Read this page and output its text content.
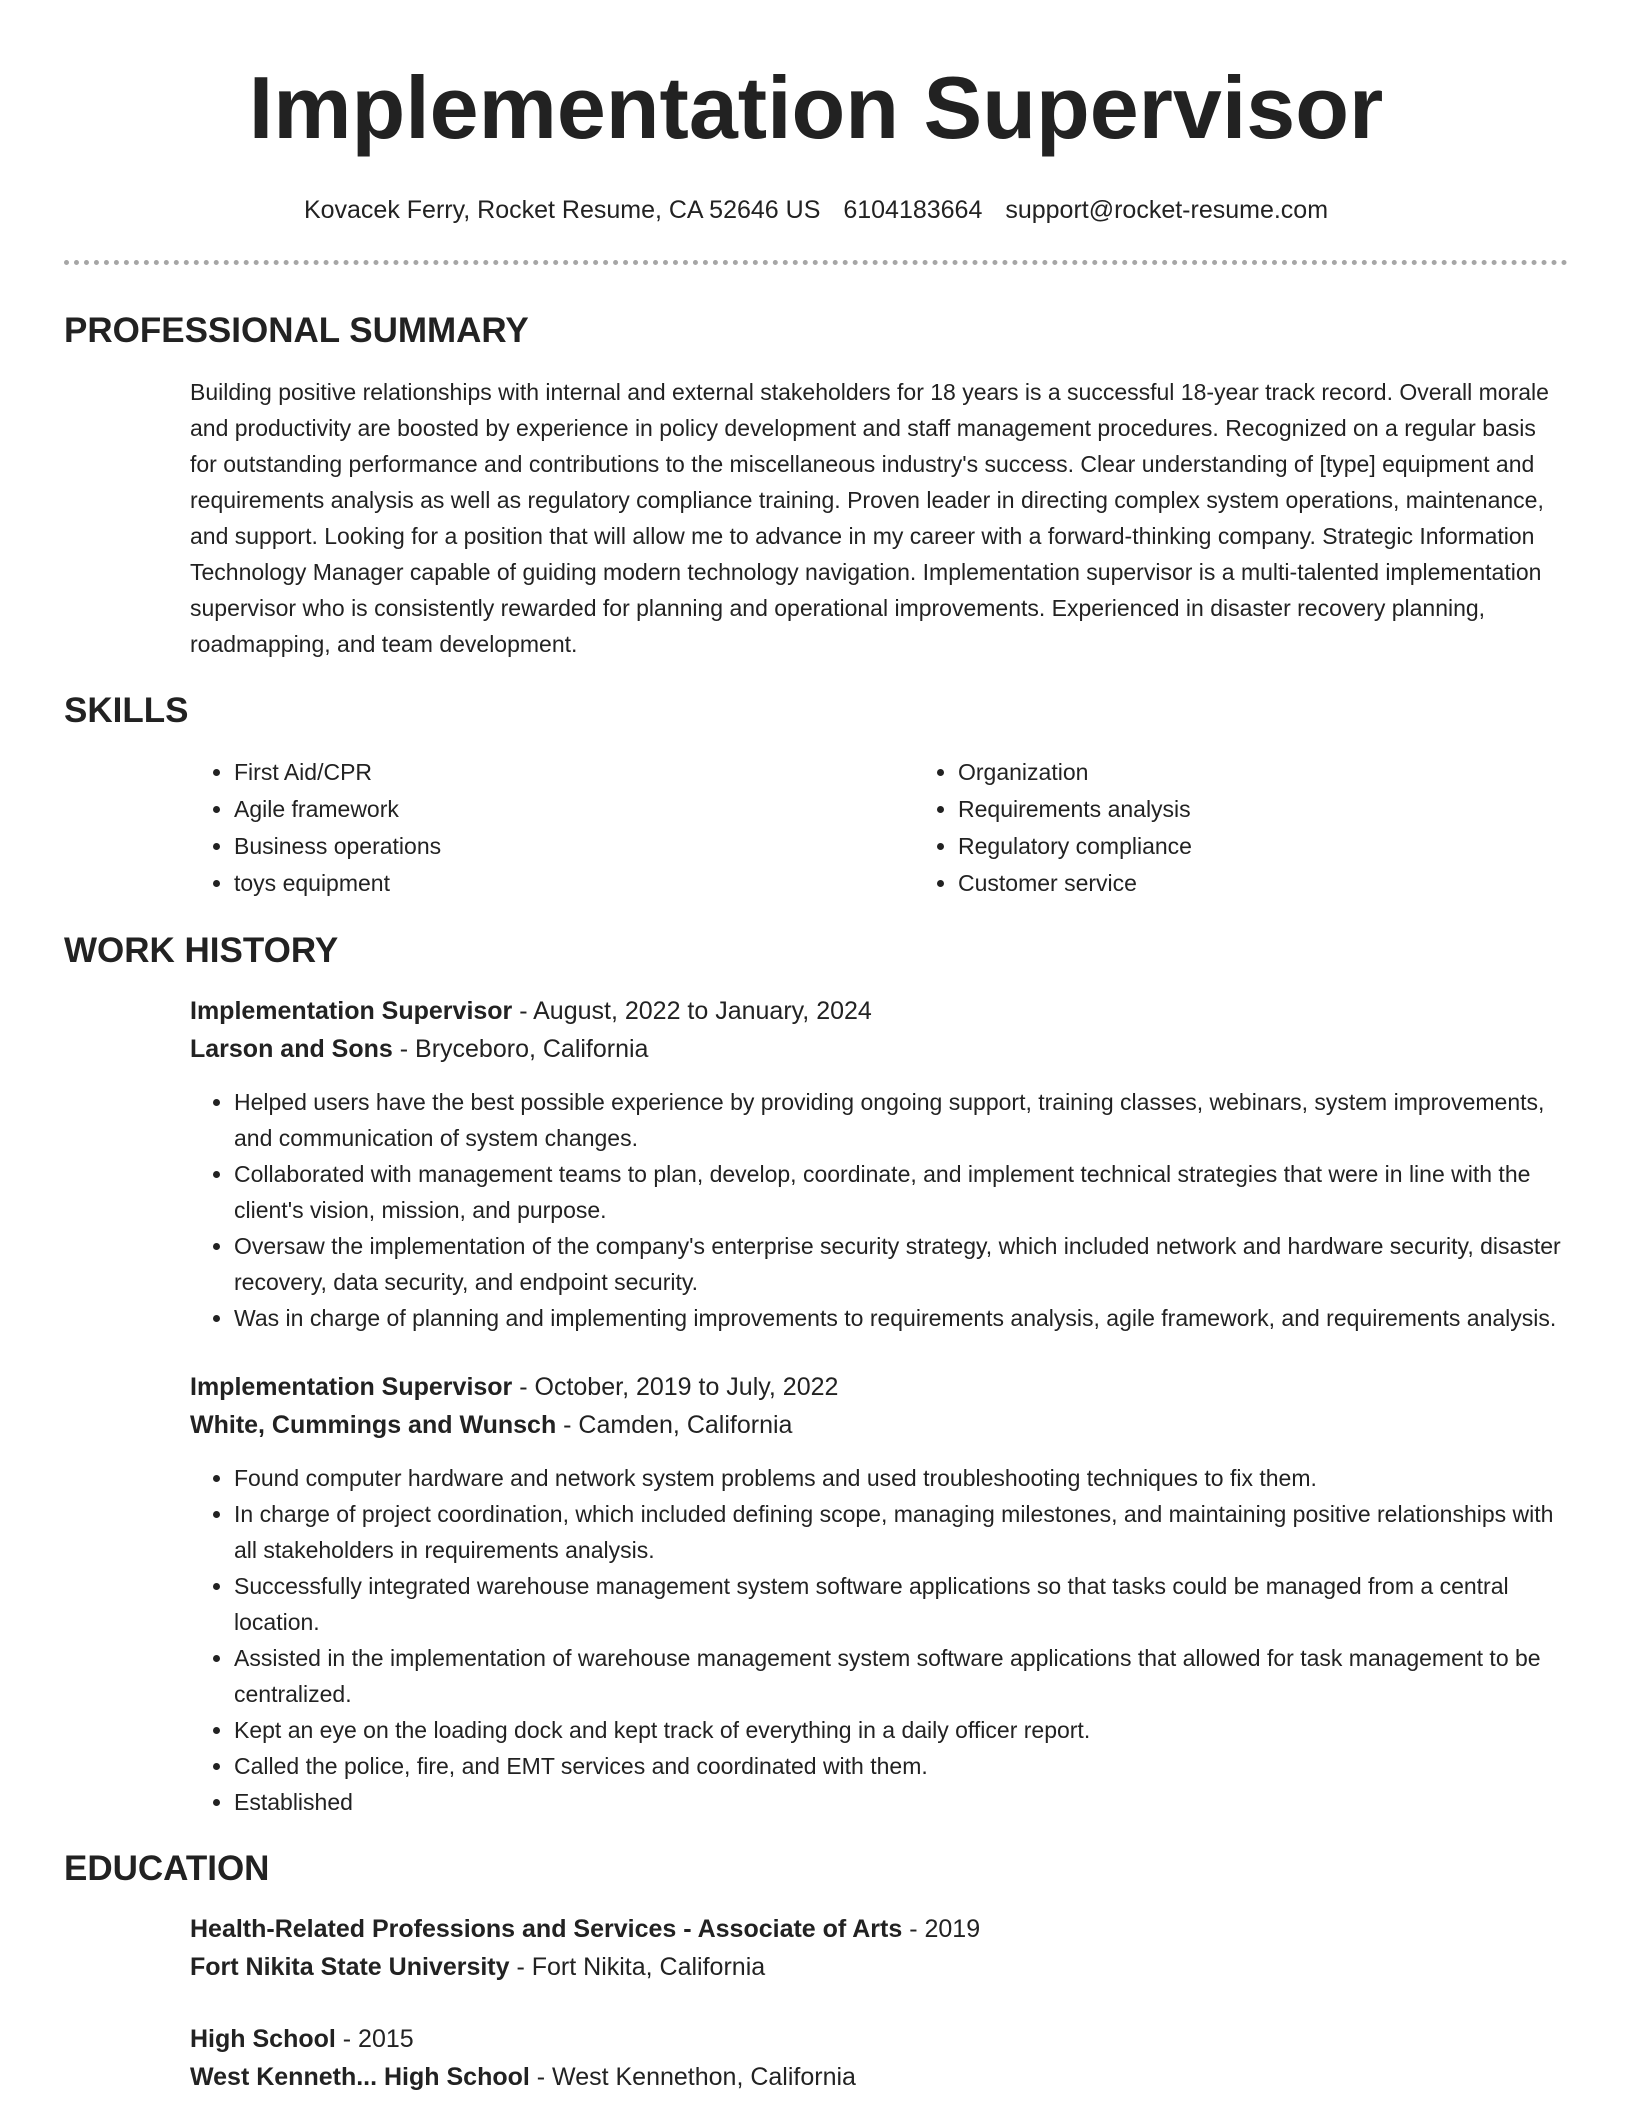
Implementation Supervisor
Kovacek Ferry, Rocket Resume, CA 52646 US 6104183664 support@rocket-resume.com
PROFESSIONAL SUMMARY

Building positive relationships with internal and external stakeholders for 18 years is a successful 18-year track record. Overall morale and productivity are boosted by experience in policy development and staff management procedures. Recognized on a regular basis for outstanding performance and contributions to the miscellaneous industry's success. Clear understanding of [type] equipment and requirements analysis as well as regulatory compliance training. Proven leader in directing complex system operations, maintenance, and support. Looking for a position that will allow me to advance in my career with a forward-thinking company. Strategic Information Technology Manager capable of guiding modern technology navigation. Implementation supervisor is a multi-talented implementation supervisor who is consistently rewarded for planning and operational improvements. Experienced in disaster recovery planning, roadmapping, and team development.

SKILLS
• First Aid/CPR
• Agile framework
• Business operations
• toys equipment
• Organization
• Requirements analysis
• Regulatory compliance
• Customer service
WORK HISTORY
Implementation Supervisor - August, 2022 to January, 2024
Larson and Sons - Bryceboro, California
• Helped users have the best possible experience by providing ongoing support, training classes, webinars, system improvements, and communication of system changes.
• Collaborated with management teams to plan, develop, coordinate, and implement technical strategies that were in line with the client's vision, mission, and purpose.
• Oversaw the implementation of the company's enterprise security strategy, which included network and hardware security, disaster recovery, data security, and endpoint security.
• Was in charge of planning and implementing improvements to requirements analysis, agile framework, and requirements analysis.
Implementation Supervisor - October, 2019 to July, 2022
White, Cummings and Wunsch - Camden, California
• Found computer hardware and network system problems and used troubleshooting techniques to fix them.
• In charge of project coordination, which included defining scope, managing milestones, and maintaining positive relationships with all stakeholders in requirements analysis.
• Successfully integrated warehouse management system software applications so that tasks could be managed from a central location.
• Assisted in the implementation of warehouse management system software applications that allowed for task management to be centralized.
• Kept an eye on the loading dock and kept track of everything in a daily officer report.
• Called the police, fire, and EMT services and coordinated with them.
• Established
EDUCATION
Health-Related Professions and Services - Associate of Arts - 2019
Fort Nikita State University - Fort Nikita, California
High School - 2015
West Kenneth... High School - West Kennethon, California
